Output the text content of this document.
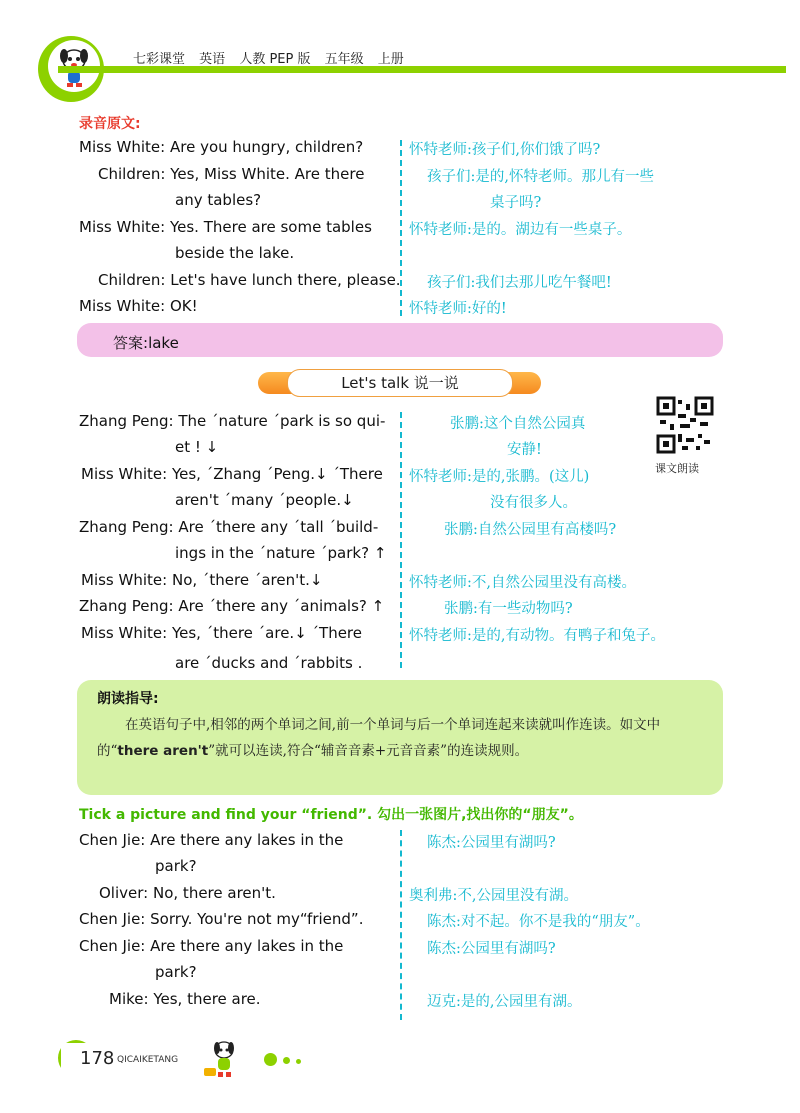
七彩课堂 英语 人教 PEP 版 五年级 上册
录音原文:
Miss White: Are you hungry, children?	怀特老师:孩子们,你们饿了吗?
Children: Yes, Miss White. Are there
any tables?
孩子们:是的,怀特老师。那儿有一些
桌子吗?
Miss White: Yes. There are some tables
beside the lake.
怀特老师:是的。湖边有一些桌子。
Children: Let's have lunch there, please. 孩子们:我们去那儿吃午餐吧!
Miss White: OK!	怀特老师:好的!
答案:lake
Let's talk 说一说
课文朗读
Zhang Peng: The ˊnature ˊpark is so qui-
et ! ↓
张鹏:这个自然公园真
安静!
Miss White: Yes, ˊZhang ˊPeng.↓ ˊThere
aren't ˊmany ˊpeople.↓
怀特老师:是的,张鹏。(这儿)
没有很多人。
Zhang Peng: Are ˊthere any ˊtall ˊbuild-
ings in the ˊnature ˊpark? ↑
张鹏:自然公园里有高楼吗?
Miss White: No, ˊthere ˊaren't.↓	怀特老师:不,自然公园里没有高楼。
Zhang Peng: Are ˊthere any ˊanimals? ↑	张鹏:有一些动物吗?
Miss White: Yes, ˊthere ˊare.↓ ˊThere
are ˊducks and ˊrabbits .
怀特老师:是的,有动物。有鸭子和兔子。
朗读指导:
在英语句子中,相邻的两个单词之间,前一个单词与后一个单词连起来读就叫作连读。如文中的“there aren't”就可以连读,符合“辅音音素+元音音素”的连读规则。
Tick a picture and find your “friend”. 勾出一张图片,找出你的“朋友”。
Chen Jie: Are there any lakes in the
park?
陈杰:公园里有湖吗?
Oliver: No, there aren't.	奥利弗:不,公园里没有湖。
Chen Jie: Sorry. You're not my“friend”.	陈杰:对不起。你不是我的“朋友”。
Chen Jie: Are there any lakes in the
park?
陈杰:公园里有湖吗?
Mike: Yes, there are.	迈克:是的,公园里有湖。
178 QICAIKETANG
